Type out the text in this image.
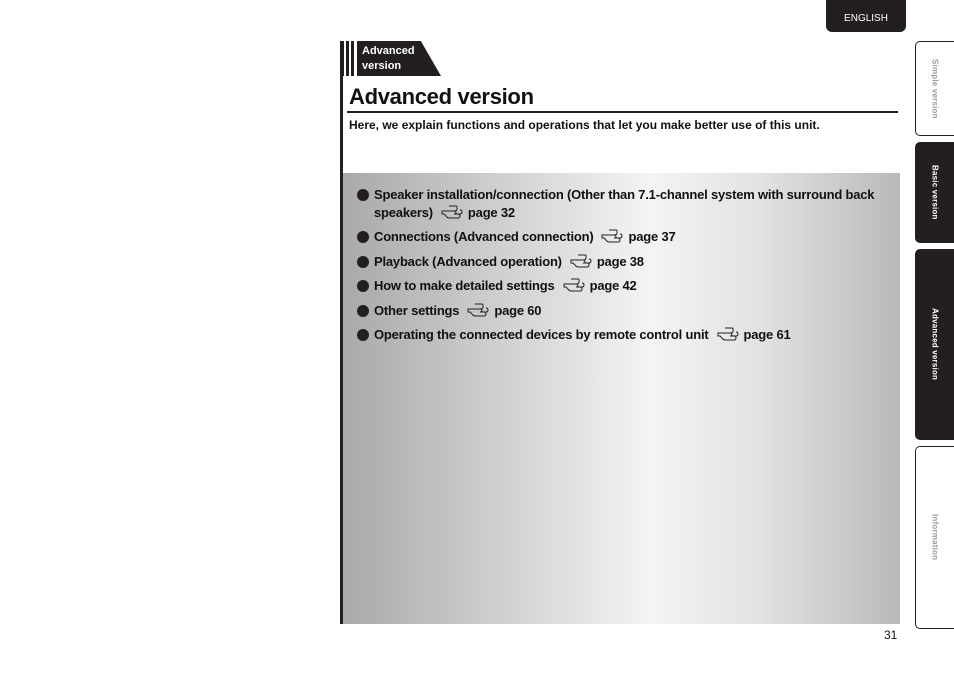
ENGLISH
Simple version
Basic version
Advanced version
Information
Advanced
version
Advanced version
Here, we explain functions and operations that let you make better use of this unit.
Speaker installation/connection (Other than 7.1-channel system with surround back speakers)	page 32
Connections (Advanced connection)	page 37
Playback (Advanced operation)	page 38
How to make detailed settings	page 42
Other settings	page 60
Operating the connected devices by remote control unit	page 61
31
